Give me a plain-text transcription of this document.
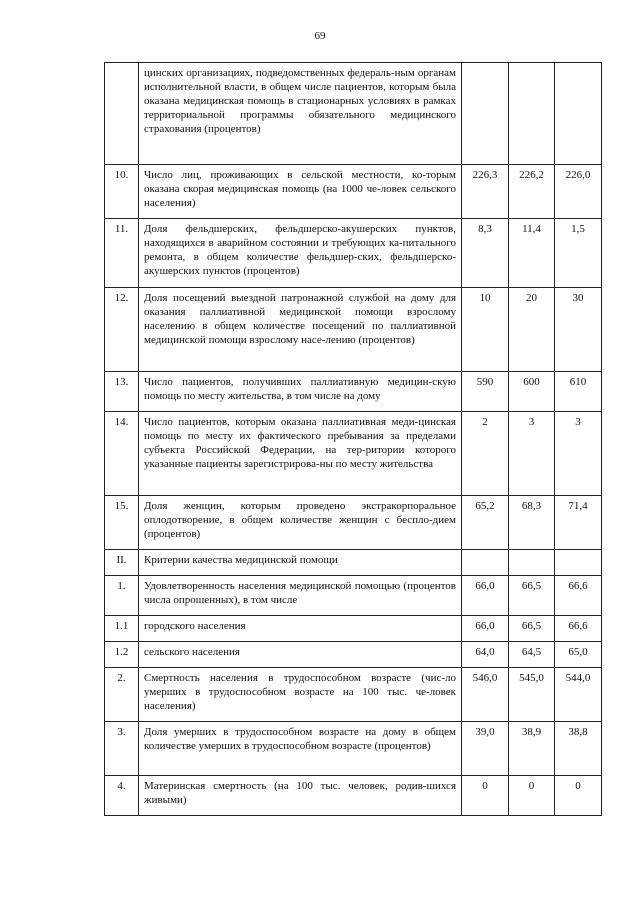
69
	цинских организациях, подведомственных федераль-ным органам исполнительной власти, в общем числе пациентов, которым была оказана медицинская помощь в стационарных условиях в рамках территориальной программы обязательного медицинского страхования (процентов)			
10.	Число лиц, проживающих в сельской местности, ко-торым оказана скорая медицинская помощь (на 1000 че-ловек сельского населения)	226,3	226,2	226,0
11.	Доля фельдшерских, фельдшерско-акушерских пунктов, находящихся в аварийном состоянии и требующих ка-питального ремонта, в общем количестве фельдшер-ских, фельдшерско-акушерских пунктов (процентов)	8,3	11,4	1,5
12.	Доля посещений выездной патронажной службой на дому для оказания паллиативной медицинской помощи взрослому населению в общем количестве посещений по паллиативной медицинской помощи взрослому насе-лению (процентов)	10	20	30
13.	Число пациентов, получивших паллиативную медицин-скую помощь по месту жительства, в том числе на дому	590	600	610
14.	Число пациентов, которым оказана паллиативная меди-цинская помощь по месту их фактического пребывания за пределами субъекта Российской Федерации, на тер-ритории которого указанные пациенты зарегистрирова-ны по месту жительства	2	3	3
15.	Доля женщин, которым проведено экстракорпоральное оплодотворение, в общем количестве женщин с беспло-дием (процентов)	65,2	68,3	71,4
II.	Критерии качества медицинской помощи			
1.	Удовлетворенность населения медицинской помощью (процентов числа опрошенных), в том числе	66,0	66,5	66,6
1.1	городского населения	66,0	66,5	66,6
1.2	сельского населения	64,0	64,5	65,0
2.	Смертность населения в трудоспособном возрасте (чис-ло умерших в трудоспособном возрасте на 100 тыс. че-ловек населения)	546,0	545,0	544,0
3.	Доля умерших в трудоспособном возрасте на дому в общем количестве умерших в трудоспособном возрасте (процентов)	39,0	38,9	38,8
4.	Материнская смертность (на 100 тыс. человек, родив-шихся живыми)	0	0	0
